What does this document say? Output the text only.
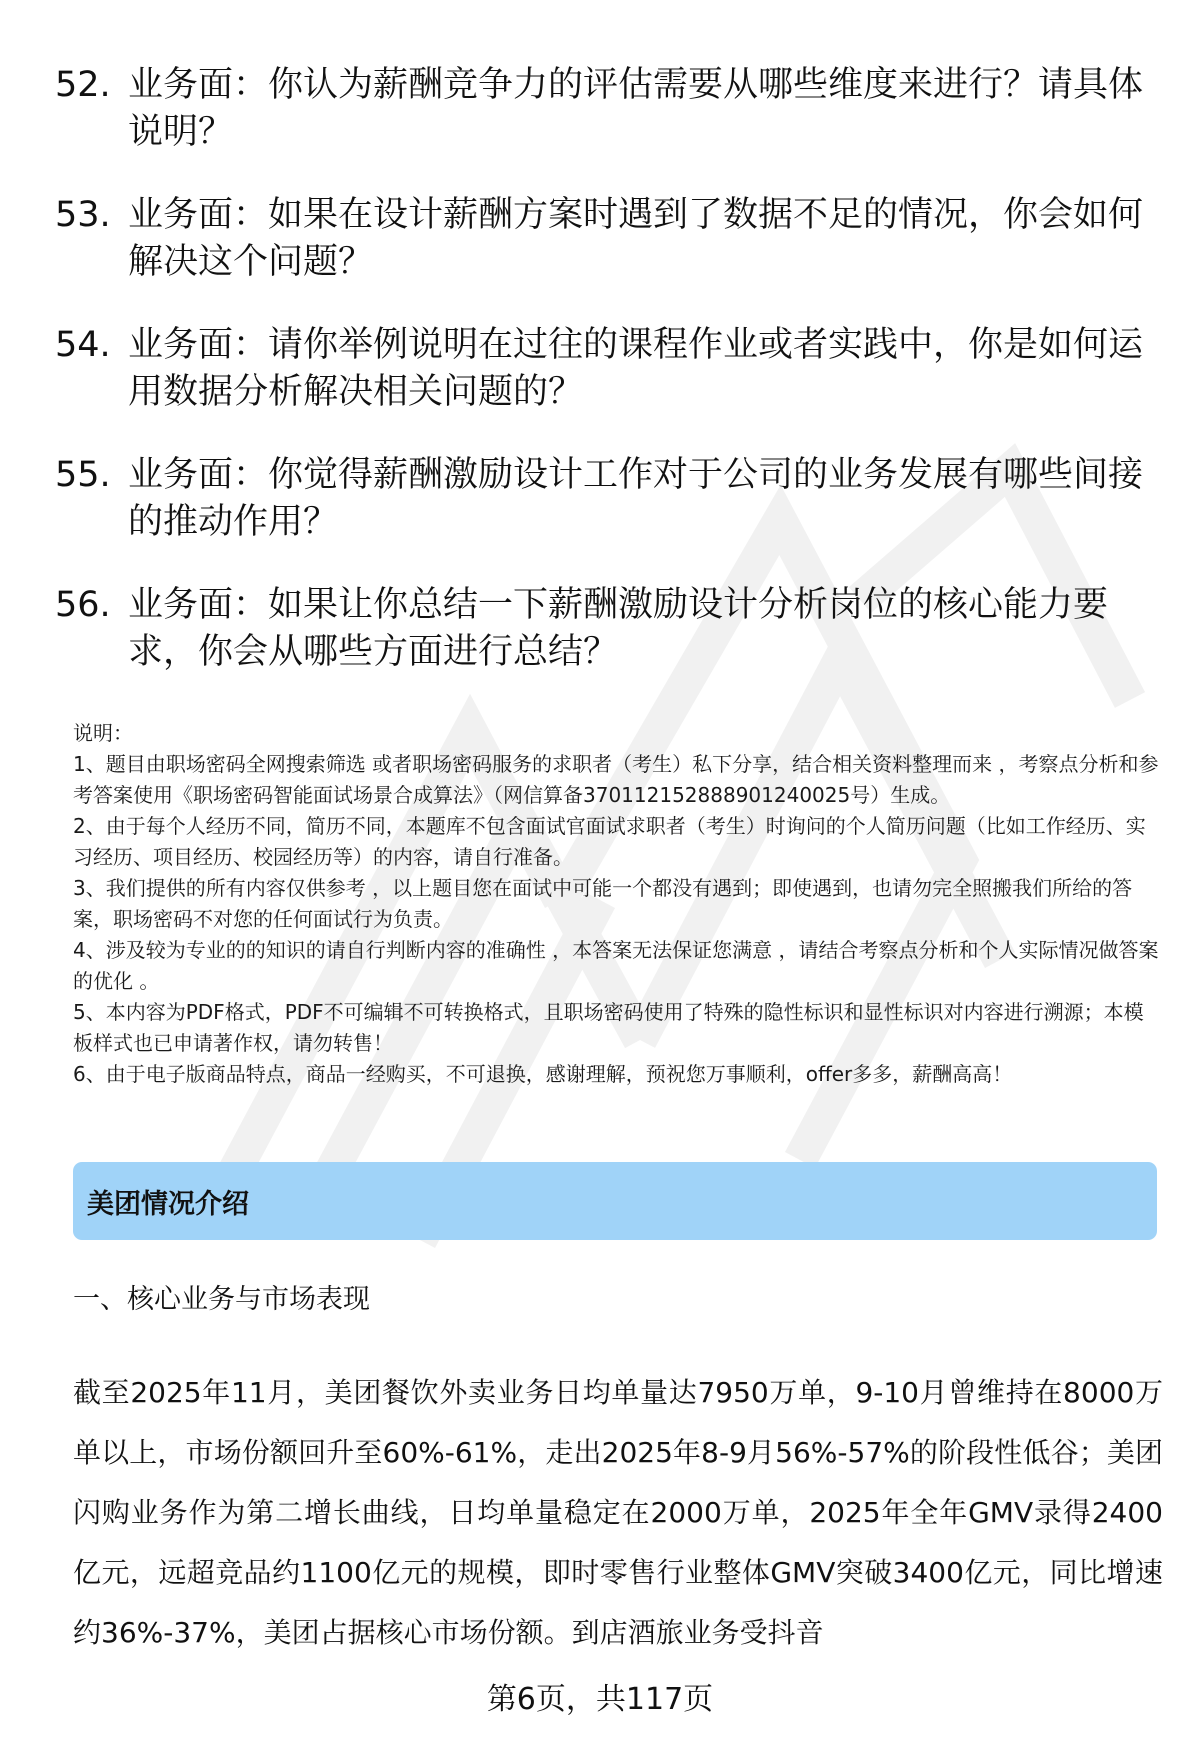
52. 业务面：你认为薪酬竞争力的评估需要从哪些维度来进行？请具体说明？
53. 业务面：如果在设计薪酬方案时遇到了数据不足的情况，你会如何解决这个问题？
54. 业务面：请你举例说明在过往的课程作业或者实践中，你是如何运用数据分析解决相关问题的？
55. 业务面：你觉得薪酬激励设计工作对于公司的业务发展有哪些间接的推动作用？
56. 业务面：如果让你总结一下薪酬激励设计分析岗位的核心能力要求，你会从哪些方面进行总结？
说明：
1、题目由职场密码全网搜索筛选 或者职场密码服务的求职者（考生）私下分享，结合相关资料整理而来 ，考察点分析和参考答案使用《职场密码智能面试场景合成算法》（网信算备370112152888901240025号）生成。
2、由于每个人经历不同，简历不同，本题库不包含面试官面试求职者（考生）时询问的个人简历问题（比如工作经历、实习经历、项目经历、校园经历等）的内容，请自行准备。
3、我们提供的所有内容仅供参考 ，以上题目您在面试中可能一个都没有遇到；即使遇到，也请勿完全照搬我们所给的答案，职场密码不对您的任何面试行为负责。
4、涉及较为专业的的知识的请自行判断内容的准确性 ，本答案无法保证您满意 ，请结合考察点分析和个人实际情况做答案的优化 。
5、本内容为PDF格式，PDF不可编辑不可转换格式，且职场密码使用了特殊的隐性标识和显性标识对内容进行溯源；本模板样式也已申请著作权，请勿转售！
6、由于电子版商品特点，商品一经购买，不可退换，感谢理解，预祝您万事顺利，offer多多，薪酬高高！
美团情况介绍
一、核心业务与市场表现
截至2025年11月，美团餐饮外卖业务日均单量达7950万单，9-10月曾维持在8000万单以上，市场份额回升至60%-61%，走出2025年8-9月56%-57%的阶段性低谷；美团闪购业务作为第二增长曲线，日均单量稳定在2000万单，2025年全年GMV录得2400亿元，远超竞品约1100亿元的规模，即时零售行业整体GMV突破3400亿元，同比增速约36%-37%，美团占据核心市场份额。到店酒旅业务受抖音
第6页，共117页
